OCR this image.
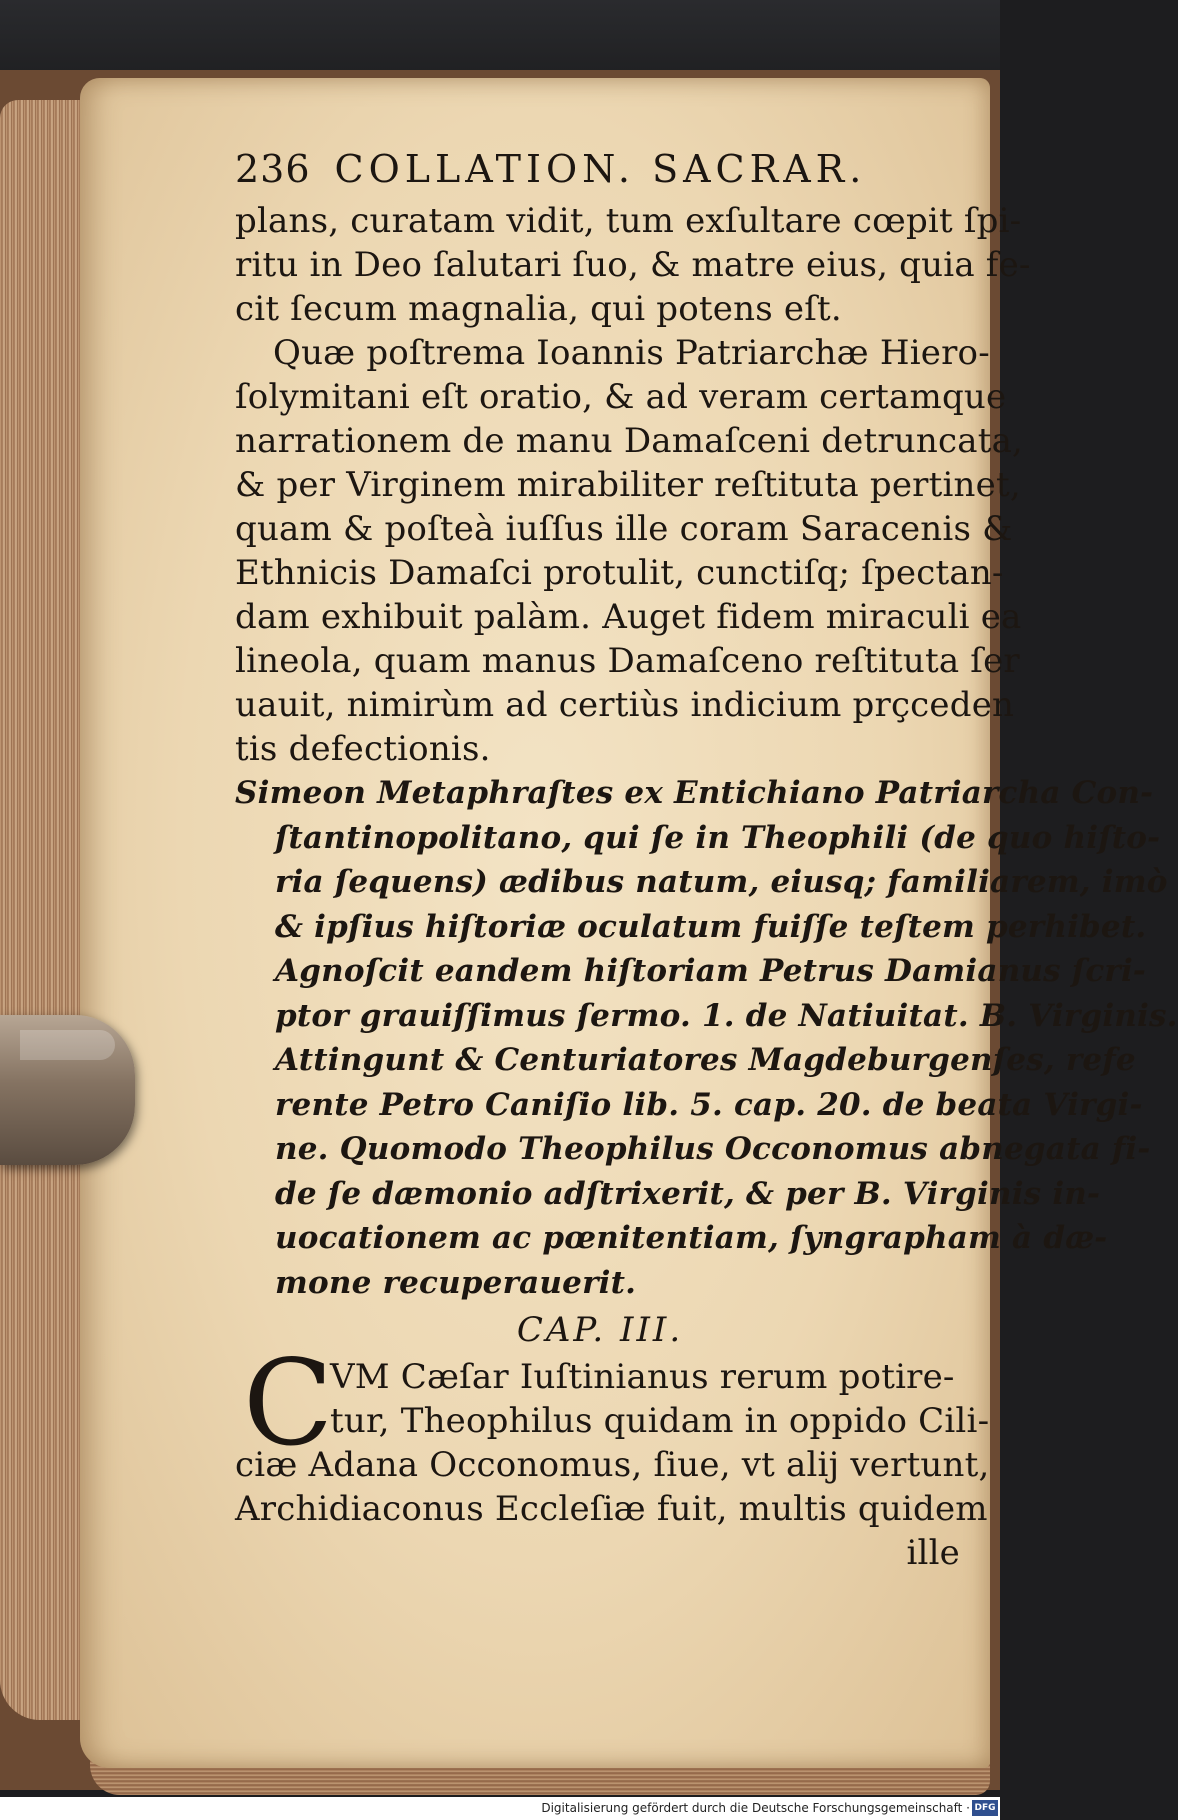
236 COLLATION. SACRAR.
plans, curatam vidit, tum exſultare cœpit ſpi-
ritu in Deo ſalutari ſuo, & matre eius, quia fe-
cit ſecum magnalia, qui potens eſt.
Quæ poſtrema Ioannis Patriarchæ Hiero-
ſolymitani eſt oratio, & ad veram certamque
narrationem de manu Damaſceni detruncata,
& per Virginem mirabiliter reſtituta pertinet,
quam & poſteà iuſſus ille coram Saracenis &
Ethnicis Damaſci protulit, cunctiſq; ſpectan-
dam exhibuit palàm. Auget fidem miraculi ea
lineola, quam manus Damaſceno reſtituta ſer
uauit, nimirùm ad certiùs indicium prçceden
tis defectionis.
Simeon Metaphraſtes ex Entichiano Patriarcha Con-
ſtantinopolitano, qui ſe in Theophili (de quo hiſto-
ria ſequens) ædibus natum, eiusq; familiarem, imò
& ipſius hiſtoriæ oculatum fuiſſe teſtem perhibet.
Agnoſcit eandem hiſtoriam Petrus Damianus ſcri-
ptor grauiſſimus ſermo. 1. de Natiuitat. B. Virginis.
Attingunt & Centuriatores Magdeburgenſes, refe
rente Petro Caniſio lib. 5. cap. 20. de beata Virgi-
ne. Quomodo Theophilus Occonomus abnegata fi-
de ſe dæmonio adſtrixerit, & per B. Virginis in-
uocationem ac pœnitentiam, ſyngrapham à dæ-
mone recuperauerit.
CAP. III.
C
VM Cæſar Iuſtinianus rerum potire-
tur, Theophilus quidam in oppido Cili-
ciæ Adana Occonomus, ſiue, vt alij vertunt,
Archidiaconus Eccleſiæ fuit, multis quidem
ille
Digitalisierung gefördert durch die Deutsche Forschungsgemeinschaft · DFG
